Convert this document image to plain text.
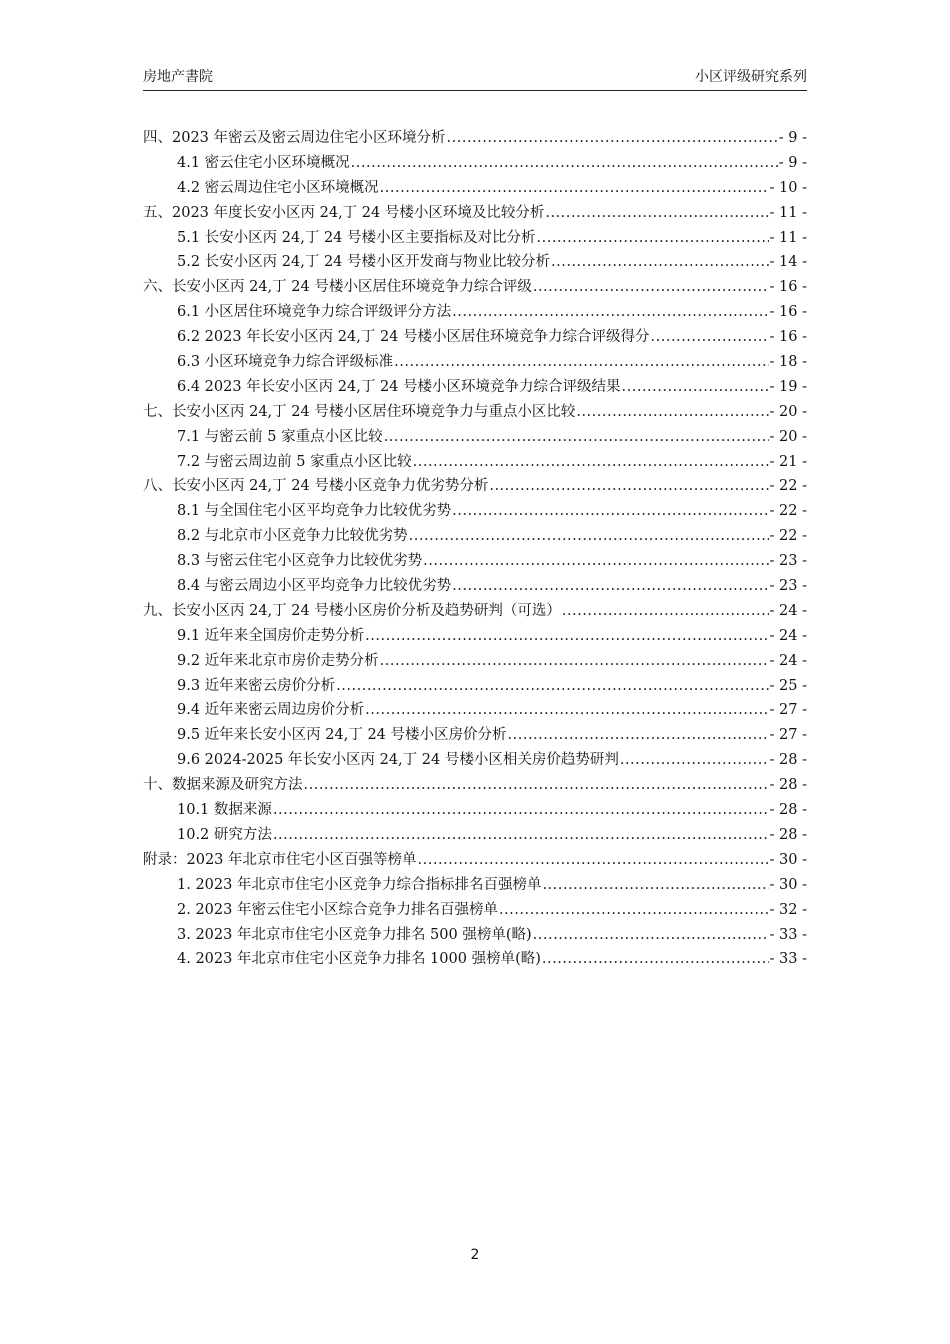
房地产書院	小区评级研究系列
四、2023 年密云及密云周边住宅小区环境分析 .....	- 9 -
4.1 密云住宅小区环境概况 .....	- 9 -
4.2 密云周边住宅小区环境概况 .....	- 10 -
五、2023 年度长安小区丙 24,丁 24 号楼小区环境及比较分析 .....	- 11 -
5.1 长安小区丙 24,丁 24 号楼小区主要指标及对比分析 .....	- 11 -
5.2 长安小区丙 24,丁 24 号楼小区开发商与物业比较分析 .....	- 14 -
六、长安小区丙 24,丁 24 号楼小区居住环境竞争力综合评级 .....	- 16 -
6.1 小区居住环境竞争力综合评级评分方法 .....	- 16 -
6.2 2023 年长安小区丙 24,丁 24 号楼小区居住环境竞争力综合评级得分 .....	- 16 -
6.3 小区环境竞争力综合评级标准 .....	- 18 -
6.4 2023 年长安小区丙 24,丁 24 号楼小区环境竞争力综合评级结果 .....	- 19 -
七、长安小区丙 24,丁 24 号楼小区居住环境竞争力与重点小区比较 .....	- 20 -
7.1 与密云前 5 家重点小区比较 .....	- 20 -
7.2 与密云周边前 5 家重点小区比较 .....	- 21 -
八、长安小区丙 24,丁 24 号楼小区竞争力优劣势分析 .....	- 22 -
8.1 与全国住宅小区平均竞争力比较优劣势 .....	- 22 -
8.2 与北京市小区竞争力比较优劣势 .....	- 22 -
8.3 与密云住宅小区竞争力比较优劣势 .....	- 23 -
8.4 与密云周边小区平均竞争力比较优劣势 .....	- 23 -
九、长安小区丙 24,丁 24 号楼小区房价分析及趋势研判（可选） .....	- 24 -
9.1 近年来全国房价走势分析 .....	- 24 -
9.2 近年来北京市房价走势分析 .....	- 24 -
9.3 近年来密云房价分析 .....	- 25 -
9.4 近年来密云周边房价分析 .....	- 27 -
9.5 近年来长安小区丙 24,丁 24 号楼小区房价分析 .....	- 27 -
9.6 2024-2025 年长安小区丙 24,丁 24 号楼小区相关房价趋势研判 .....	- 28 -
十、数据来源及研究方法 .....	- 28 -
10.1 数据来源 .....	- 28 -
10.2 研究方法 .....	- 28 -
附录：2023 年北京市住宅小区百强等榜单 .....	- 30 -
1. 2023 年北京市住宅小区竞争力综合指标排名百强榜单 .....	- 30 -
2. 2023 年密云住宅小区综合竞争力排名百强榜单 .....	- 32 -
3. 2023 年北京市住宅小区竞争力排名 500 强榜单(略) .....	- 33 -
4. 2023 年北京市住宅小区竞争力排名 1000 强榜单(略) .....	- 33 -
2
